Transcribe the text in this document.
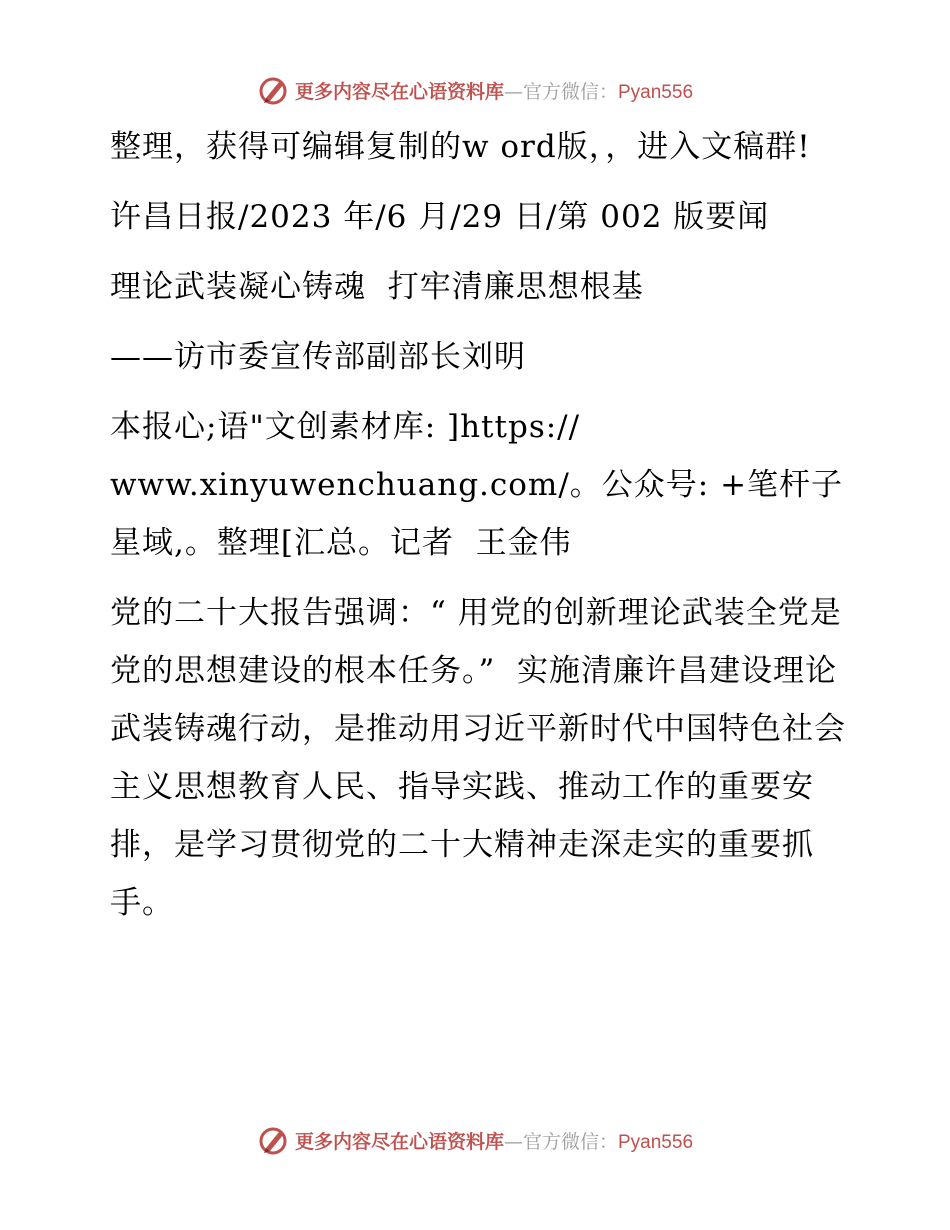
更多内容尽在心语资料库—官方微信：Pyan556

整理，获得可编辑复制的w ord版，，进入文稿群!

许昌日报/2023 年/6 月/29 日/第 002 版要闻

理论武装凝心铸魂  打牢清廉思想根基

——访市委宣传部副部长刘明

本报心;语"文创素材库: ]https://
www.xinyuwenchuang.com/。公众号: +笔杆子星域,。整理[汇总。记者  王金伟

党的二十大报告强调：“ 用党的创新理论武装全党是党的思想建设的根本任务。”  实施清廉许昌建设理论武装铸魂行动，是推动用习近平新时代中国特色社会主义思想教育人民、指导实践、推动工作的重要安排，是学习贯彻党的二十大精神走深走实的重要抓手。

更多内容尽在心语资料库—官方微信：Pyan556
